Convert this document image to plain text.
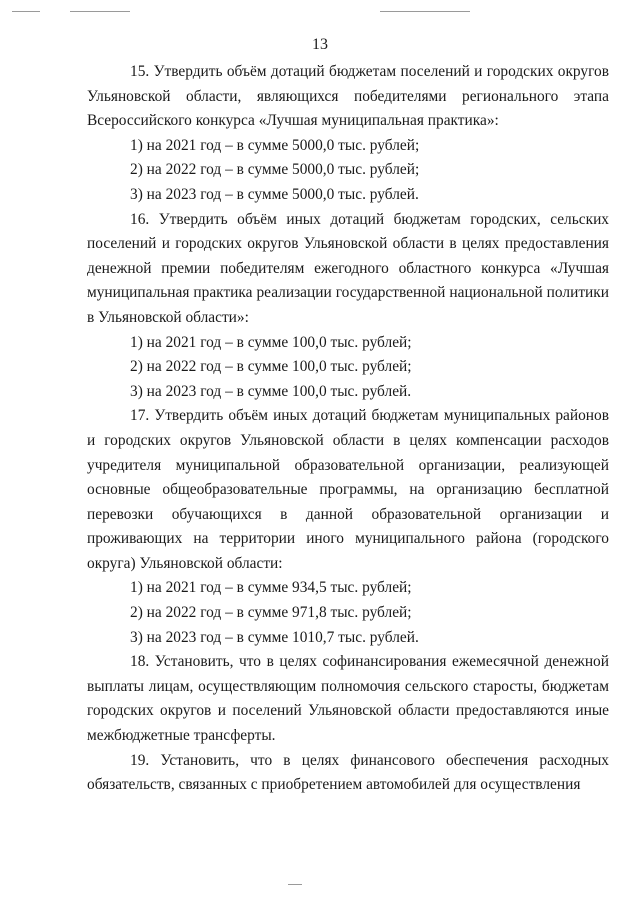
13

15. Утвердить объём дотаций бюджетам поселений и городских округов Ульяновской области, являющихся победителями регионального этапа Всероссийского конкурса «Лучшая муниципальная практика»:

1) на 2021 год – в сумме 5000,0 тыс. рублей;

2) на 2022 год – в сумме 5000,0 тыс. рублей;

3) на 2023 год – в сумме 5000,0 тыс. рублей.

16. Утвердить объём иных дотаций бюджетам городских, сельских поселений и городских округов Ульяновской области в целях предоставления денежной премии победителям ежегодного областного конкурса «Лучшая муниципальная практика реализации государственной национальной политики в Ульяновской области»:

1) на 2021 год – в сумме 100,0 тыс. рублей;

2) на 2022 год – в сумме 100,0 тыс. рублей;

3) на 2023 год – в сумме 100,0 тыс. рублей.

17. Утвердить объём иных дотаций бюджетам муниципальных районов и городских округов Ульяновской области в целях компенсации расходов учредителя муниципальной образовательной организации, реализующей основные общеобразовательные программы, на организацию бесплатной перевозки обучающихся в данной образовательной организации и проживающих на территории иного муниципального района (городского округа) Ульяновской области:

1) на 2021 год – в сумме 934,5 тыс. рублей;

2) на 2022 год – в сумме 971,8 тыс. рублей;

3) на 2023 год – в сумме 1010,7 тыс. рублей.

18. Установить, что в целях софинансирования ежемесячной денежной выплаты лицам, осуществляющим полномочия сельского старосты, бюджетам городских округов и поселений Ульяновской области предоставляются иные межбюджетные трансферты.

19. Установить, что в целях финансового обеспечения расходных обязательств, связанных с приобретением автомобилей для осуществления
